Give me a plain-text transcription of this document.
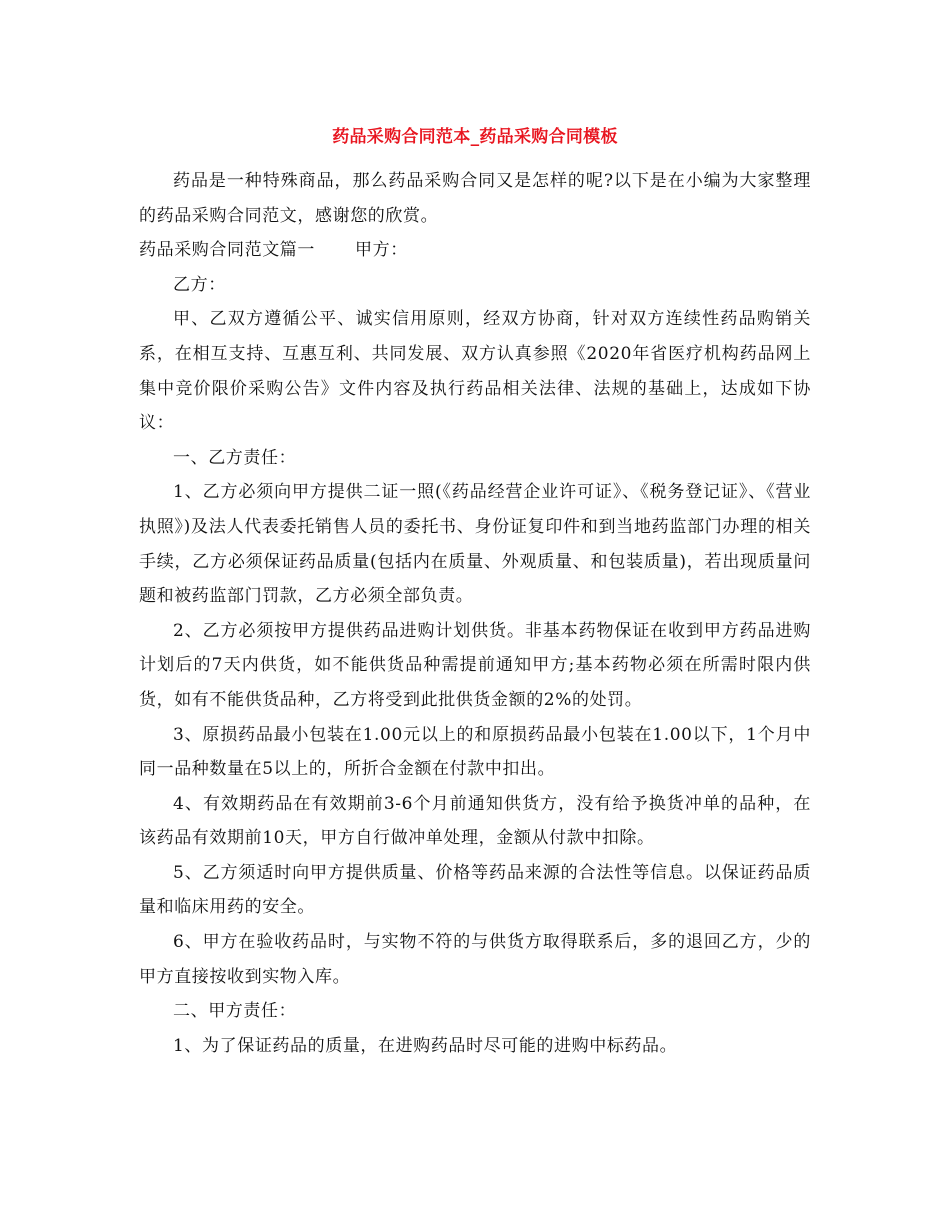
药品采购合同范本_药品采购合同模板

药品是一种特殊商品，那么药品采购合同又是怎样的呢?以下是在小编为大家整理的药品采购合同范文，感谢您的欣赏。

药品采购合同范文篇一 甲方：

乙方：

甲、乙双方遵循公平、诚实信用原则，经双方协商，针对双方连续性药品购销关系，在相互支持、互惠互利、共同发展、双方认真参照《2020年省医疗机构药品网上集中竞价限价采购公告》文件内容及执行药品相关法律、法规的基础上，达成如下协议：

一、乙方责任：

1、乙方必须向甲方提供二证一照(《药品经营企业许可证》、《税务登记证》、《营业执照》)及法人代表委托销售人员的委托书、身份证复印件和到当地药监部门办理的相关手续，乙方必须保证药品质量(包括内在质量、外观质量、和包装质量)，若出现质量问题和被药监部门罚款，乙方必须全部负责。

2、乙方必须按甲方提供药品进购计划供货。非基本药物保证在收到甲方药品进购计划后的7天内供货，如不能供货品种需提前通知甲方;基本药物必须在所需时限内供货，如有不能供货品种，乙方将受到此批供货金额的2%的处罚。

3、原损药品最小包装在1.00元以上的和原损药品最小包装在1.00以下，1个月中同一品种数量在5以上的，所折合金额在付款中扣出。

4、有效期药品在有效期前3-6个月前通知供货方，没有给予换货冲单的品种，在该药品有效期前10天，甲方自行做冲单处理，金额从付款中扣除。

5、乙方须适时向甲方提供质量、价格等药品来源的合法性等信息。以保证药品质量和临床用药的安全。

6、甲方在验收药品时，与实物不符的与供货方取得联系后，多的退回乙方，少的甲方直接按收到实物入库。

二、甲方责任：

1、为了保证药品的质量，在进购药品时尽可能的进购中标药品。
